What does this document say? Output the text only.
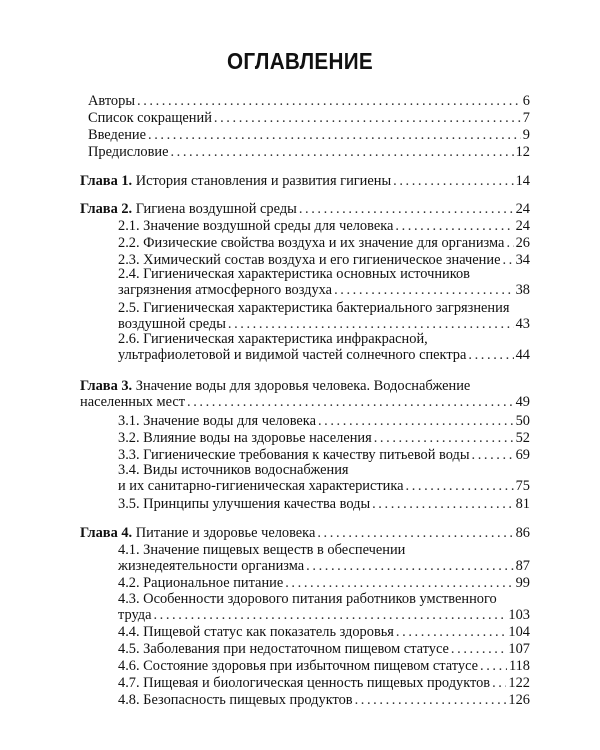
ОГЛАВЛЕНИЕ
Авторы . . .	6
Список сокращений . . .	7
Введение . . .	9
Предисловие . . .	12
Глава 1. История становления и развития гигиены . . .	14
Глава 2. Гигиена воздушной среды . . .	24
2.1. Значение воздушной среды для человека . . .	24
2.2. Физические свойства воздуха и их значение для организма . . . 26
2.3. Химический состав воздуха и его гигиеническое значение . . . 34
2.4. Гигиеническая характеристика основных источников
загрязнения атмосферного воздуха . . .	38
2.5. Гигиеническая характеристика бактериального загрязнения
воздушной среды . . .	43
2.6. Гигиеническая характеристика инфракрасной,
ультрафиолетовой и видимой частей солнечного спектра . . .	44
Глава 3. Значение воды для здоровья человека. Водоснабжение
населенных мест . . .	49
3.1. Значение воды для человека . . .	50
3.2. Влияние воды на здоровье населения . . .	52
3.3. Гигиенические требования к качеству питьевой воды . . .	69
3.4. Виды источников водоснабжения
и их санитарно-гигиеническая характеристика . . .	75
3.5. Принципы улучшения качества воды . . .	81
Глава 4. Питание и здоровье человека . . .	86
4.1. Значение пищевых веществ в обеспечении
жизнедеятельности организма . . .	87
4.2. Рациональное питание . . .	99
4.3. Особенности здорового питания работников умственного
труда . . .	103
4.4. Пищевой статус как показатель здоровья . . .	104
4.5. Заболевания при недостаточном пищевом статусе . . .	107
4.6. Состояние здоровья при избыточном пищевом статусе . . . 118
4.7. Пищевая и биологическая ценность пищевых продуктов . . . 122
4.8. Безопасность пищевых продуктов . . .	126
